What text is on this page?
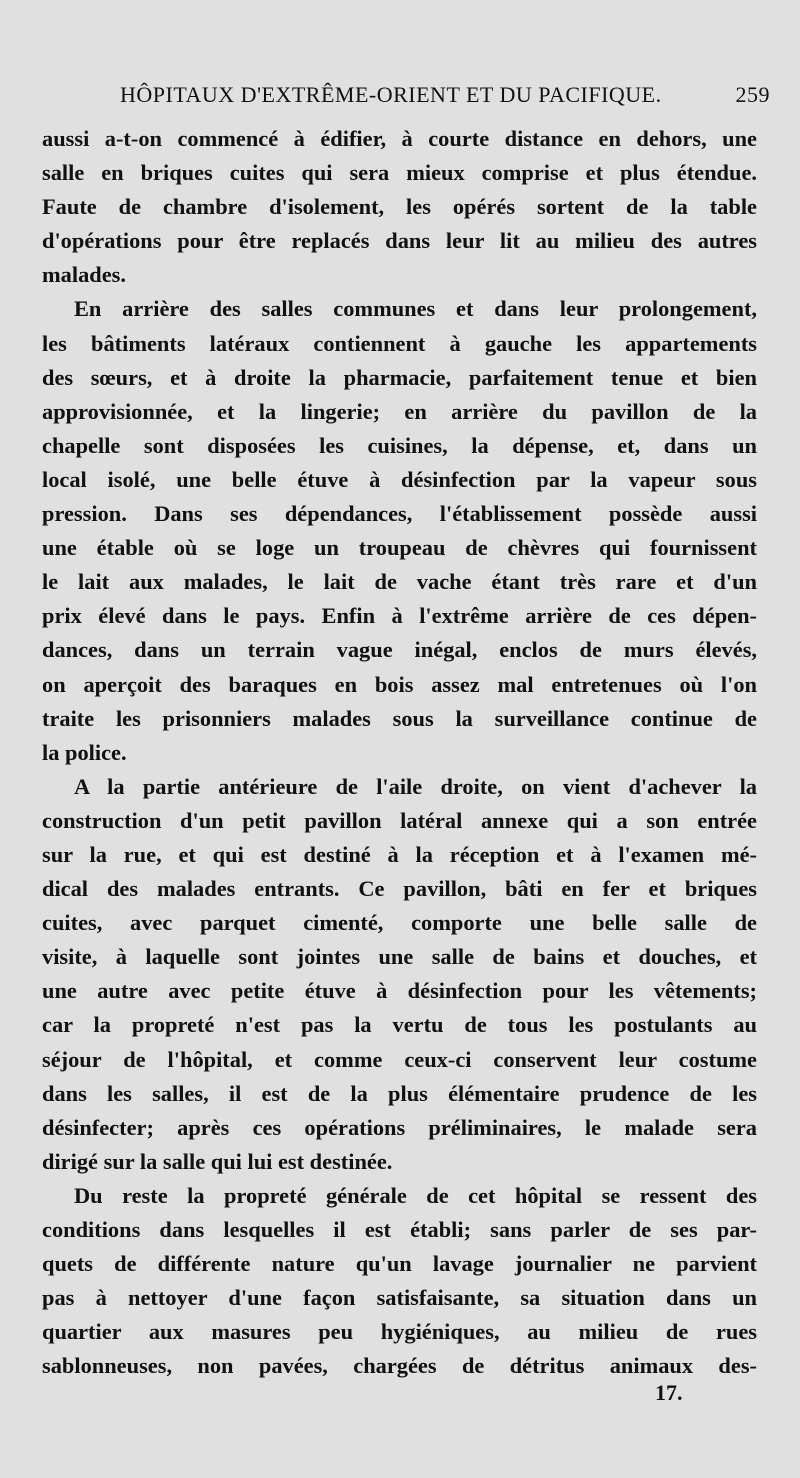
HÔPITAUX D'EXTRÊME-ORIENT ET DU PACIFIQUE.	259
aussi a-t-on commencé à édifier, à courte distance en dehors, une
salle en briques cuites qui sera mieux comprise et plus étendue.
Faute de chambre d'isolement, les opérés sortent de la table
d'opérations pour être replacés dans leur lit au milieu des autres
malades.
En arrière des salles communes et dans leur prolongement,
les bâtiments latéraux contiennent à gauche les appartements
des sœurs, et à droite la pharmacie, parfaitement tenue et bien
approvisionnée, et la lingerie; en arrière du pavillon de la
chapelle sont disposées les cuisines, la dépense, et, dans un
local isolé, une belle étuve à désinfection par la vapeur sous
pression. Dans ses dépendances, l'établissement possède aussi
une étable où se loge un troupeau de chèvres qui fournissent
le lait aux malades, le lait de vache étant très rare et d'un
prix élevé dans le pays. Enfin à l'extrême arrière de ces dépen-
dances, dans un terrain vague inégal, enclos de murs élevés,
on aperçoit des baraques en bois assez mal entretenues où l'on
traite les prisonniers malades sous la surveillance continue de
la police.
A la partie antérieure de l'aile droite, on vient d'achever la
construction d'un petit pavillon latéral annexe qui a son entrée
sur la rue, et qui est destiné à la réception et à l'examen mé-
dical des malades entrants. Ce pavillon, bâti en fer et briques
cuites, avec parquet cimenté, comporte une belle salle de
visite, à laquelle sont jointes une salle de bains et douches, et
une autre avec petite étuve à désinfection pour les vêtements;
car la propreté n'est pas la vertu de tous les postulants au
séjour de l'hôpital, et comme ceux-ci conservent leur costume
dans les salles, il est de la plus élémentaire prudence de les
désinfecter; après ces opérations préliminaires, le malade sera
dirigé sur la salle qui lui est destinée.
Du reste la propreté générale de cet hôpital se ressent des
conditions dans lesquelles il est établi; sans parler de ses par-
quets de différente nature qu'un lavage journalier ne parvient
pas à nettoyer d'une façon satisfaisante, sa situation dans un
quartier aux masures peu hygiéniques, au milieu de rues
sablonneuses, non pavées, chargées de détritus animaux des-
17.
